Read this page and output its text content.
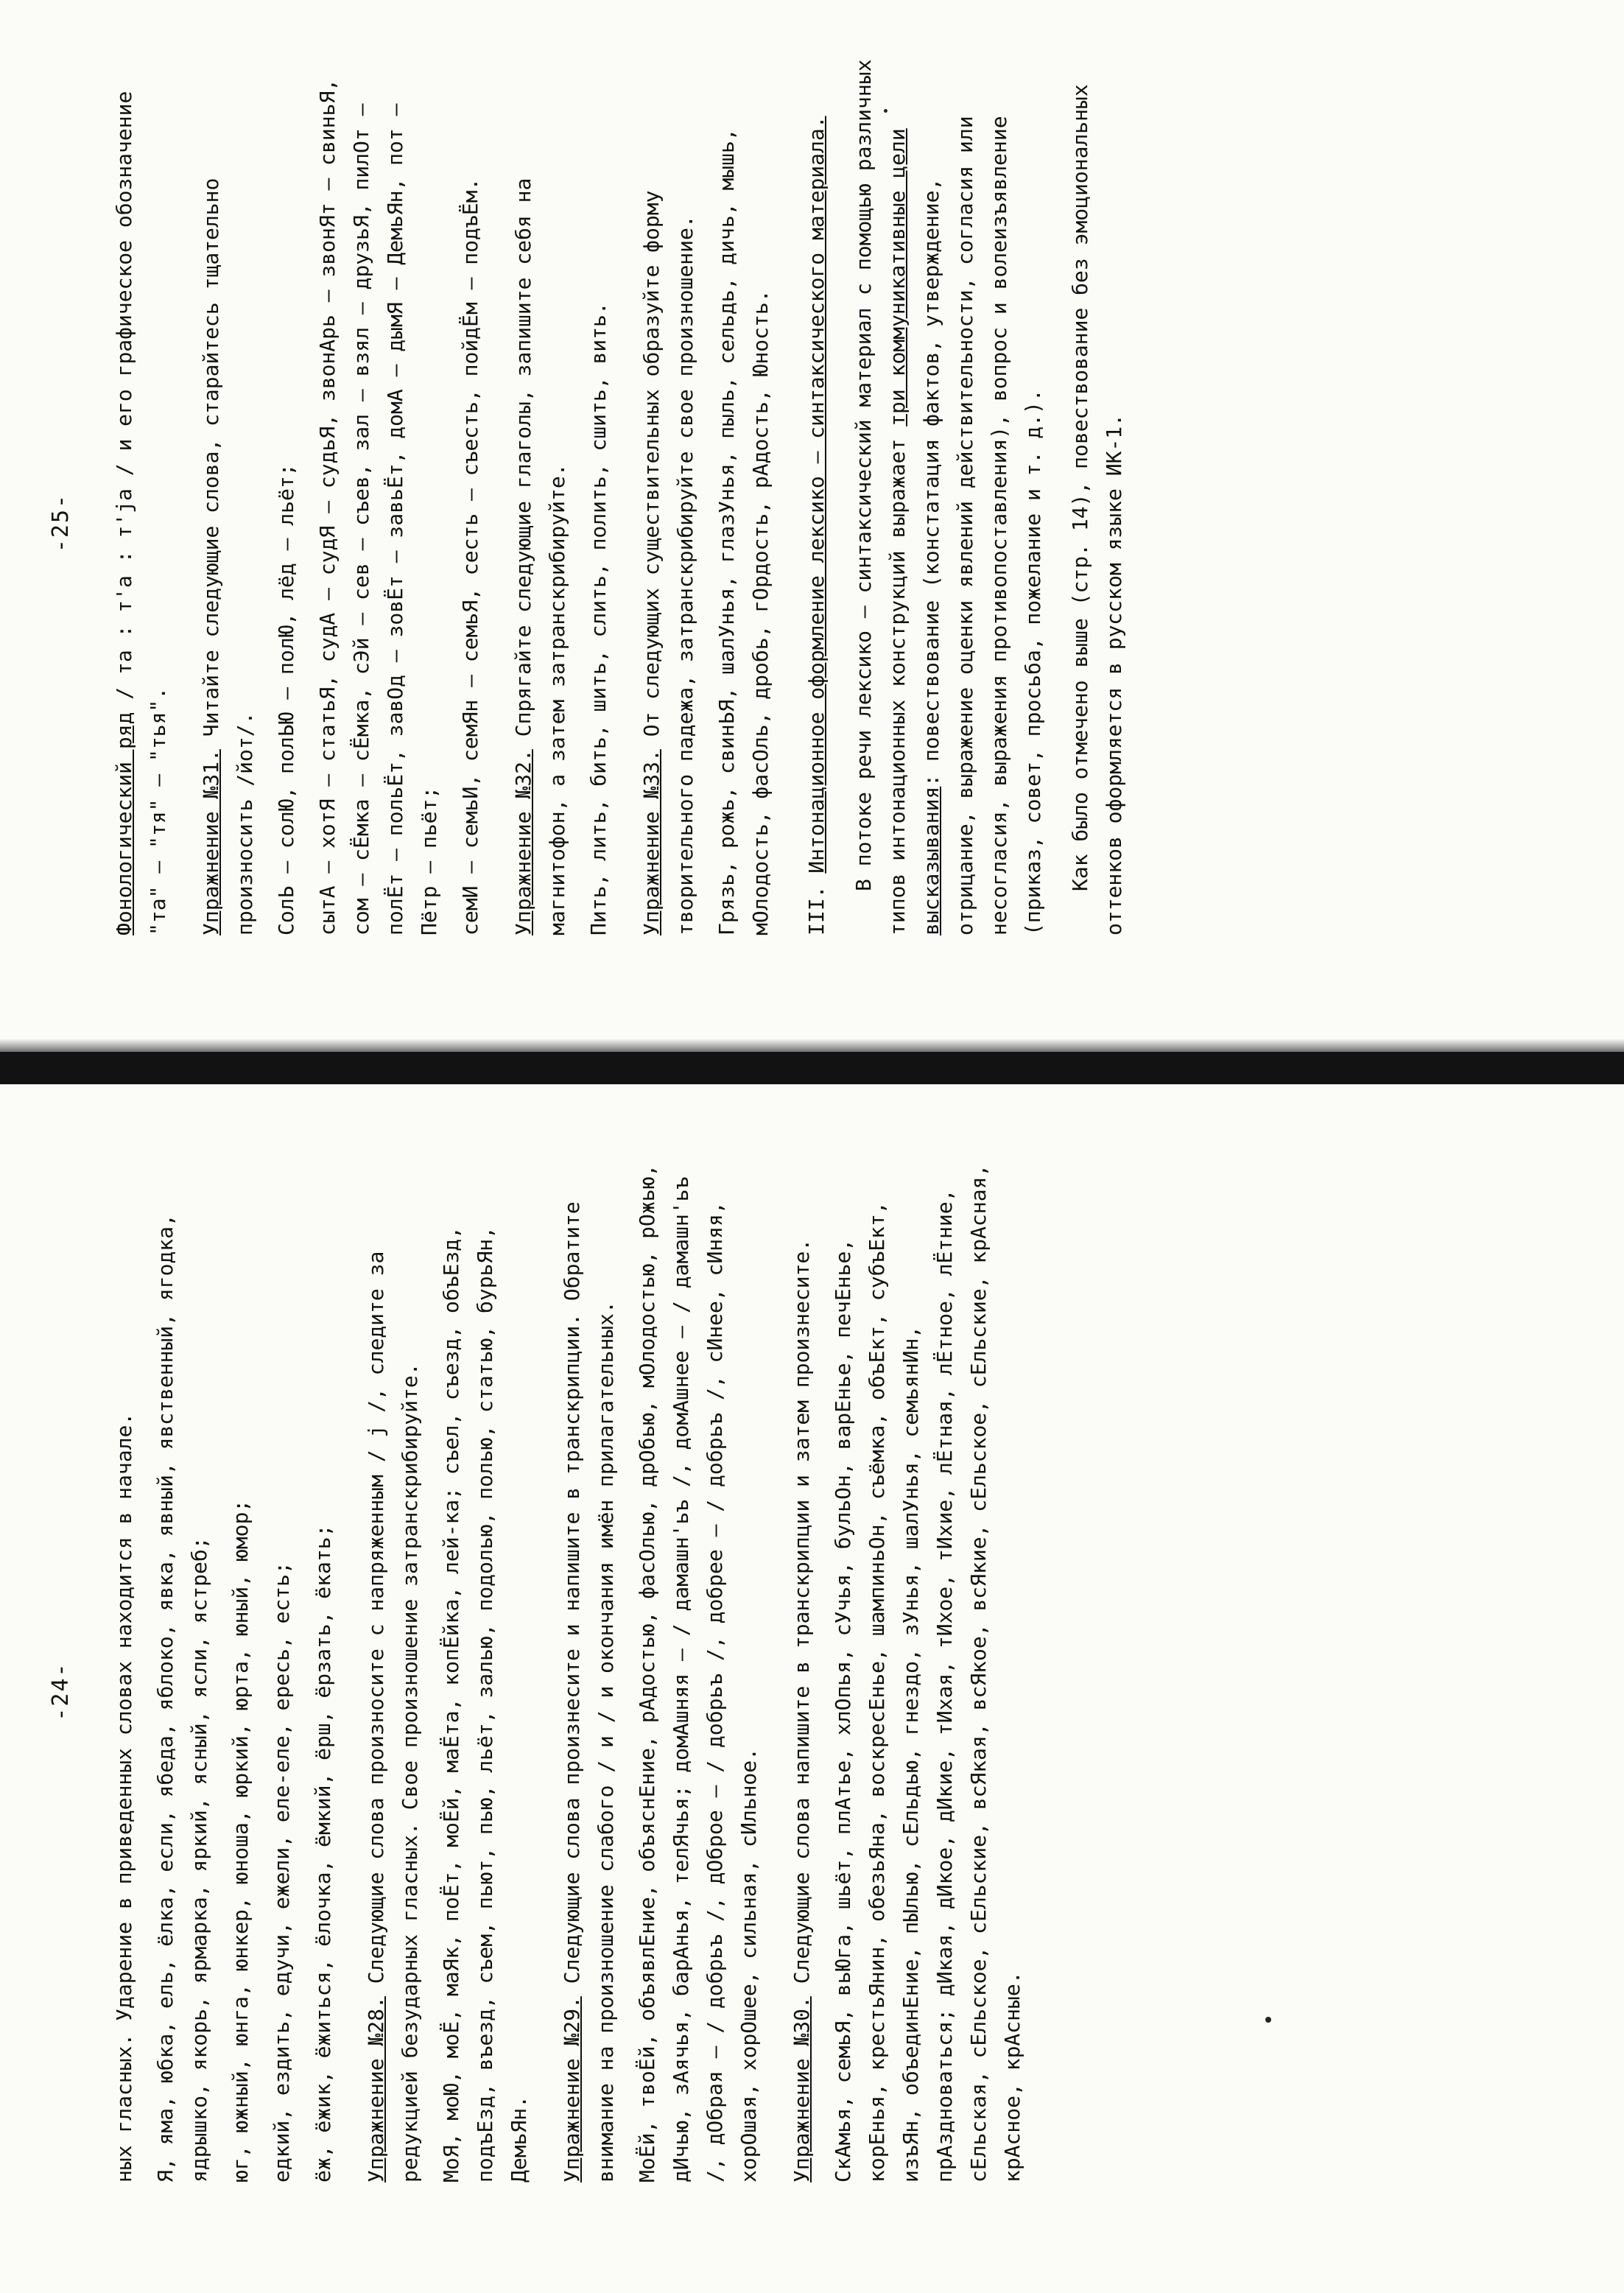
-25-
Фонологический ряд / та : т'а : т'jа / и его графическое обозначение "та" – "тя" – "тья". Упражнение №31. Читайте следующие слова, старайтесь тщательно произносить /йот/. СолЬ – солЮ, полЬЮ – полЮ, лёд – льёт; сытА – хотЯ – статьЯ, судА – судЯ – судьЯ, звонАрь – звонЯт – свиньЯ, сом – сЁмка – сЁмка, сЭй – сев – съев, зал – взял – друзьЯ, пилОт – полЁт – польЁт, завОд – зовЁт – завьЁт, домА – дымЯ – ДемьЯн, пот – Пётр – пьёт; семИ – семьИ, семЯн – семьЯ, сесть – съесть, пойдЁм – подъЁм. Упражнение №32. Спрягайте следующие глаголы, запишите себя на магнитофон, а затем затранскрибируйте. Пить, лить, бить, шить, слить, полить, сшить, вить. Упражнение №33. От следующих существительных образуйте форму творительного падежа, затранскрибируйте свое произношение. Грязь, рожь, свинЬЯ, шалУнья, глазУнья, пыль, сельдь, дичь, мышь, мОлодость, фасОль, дробь, гОрдость, рАдость, Юность. III. Интонационное оформление лексико – синтаксического материала. В потоке речи лексико – синтаксический материал с помощью различных типов интонационных конструкций выражает три коммуникативные цели высказывания: повествование (констатация фактов, утверждение, отрицание, выражение оценки явлений действительности, согласия или несогласия, выражения противопоставления), вопрос и волеизъявление (приказ, совет, просьба, пожелание и т. д.). Как было отмечено выше (стр. 14), повествование без эмоциональных оттенков оформляется в русском языке ИК-1.
-24- ных гласных. Ударение в приведенных словах находится в начале. Я, яма, юбка, ель, ёлка, если, ябеда, яблоко, явка, явный, явственный, ягодка, ядрышко, якорь, ярмарка, яркий, ясный, ясли, ястреб; юг, южный, юнга, юнкер, юноша, юркий, юрта, юный, юмор; едкий, ездить, едучи, ежели, еле-еле, ересь, есть; ёж, ёжик, ёжиться, ёлочка, ёмкий, ёрш, ёрзать, ёкать; Упражнение №28. Следующие слова произносите с напряженным / j /, следите за редукцией безударных гласных. Свое произношение затранскрибируйте. МоЯ, моЮ, моЁ, маЯк, поЁт, моЁй, маЁта, копЁйка, лей-ка; съел, съезд, объЕзд, подъЕзд, въезд, съем, пьют, пью, льёт, залью, подолью, полью, статью, бурьЯн, ДемьЯн. Упражнение №29. Следующие слова произнесите и напишите в транскрипции. Обратите внимание на произношение слабого / и / и окончания имён прилагательных. МоЁй, твоЁй, объявлЕние, объяснЕние, рАдостью, фасОлью, дрОбью, мОлодостью, рОжью, дИчью, зАячья, барАнья, телЯчья; домАшняя – / дамашн'ьъ /, домАшнее – / дамашн'ьъ /, дОбрая – / добрьъ /, дОброе – / добрьъ /, добрее – / добрьъ /, сИнее, сИняя, хорОшая, хорОшее, сильная, сИльное. Упражнение №30. Следующие слова напишите в транскрипции и затем произнесите. СкАмья, семьЯ, вьЮга, шьёт, плАтье, хлОпья, сУчья, бульОн, варЕнье, печЕнье, корЕнья, крестьЯнин, обезьЯна, воскресЕнье, шампиньОн, съёмка, объЕкт, субъЕкт, изъЯн, объединЕние, пЫлью, сЕльдью, гнездо, зУнья, шалУнья, семьянИн, прАздноваться; дИкая, дИкое, дИкие, тИхая, тИхое, тИхие, лЁтная, лЁтное, лЁтние, сЕльская, сЕльское, сЕльские, всЯкая, всЯкое, всЯкие, сЕльское, сЕльские, крАсная, крАсное, крАсные.
